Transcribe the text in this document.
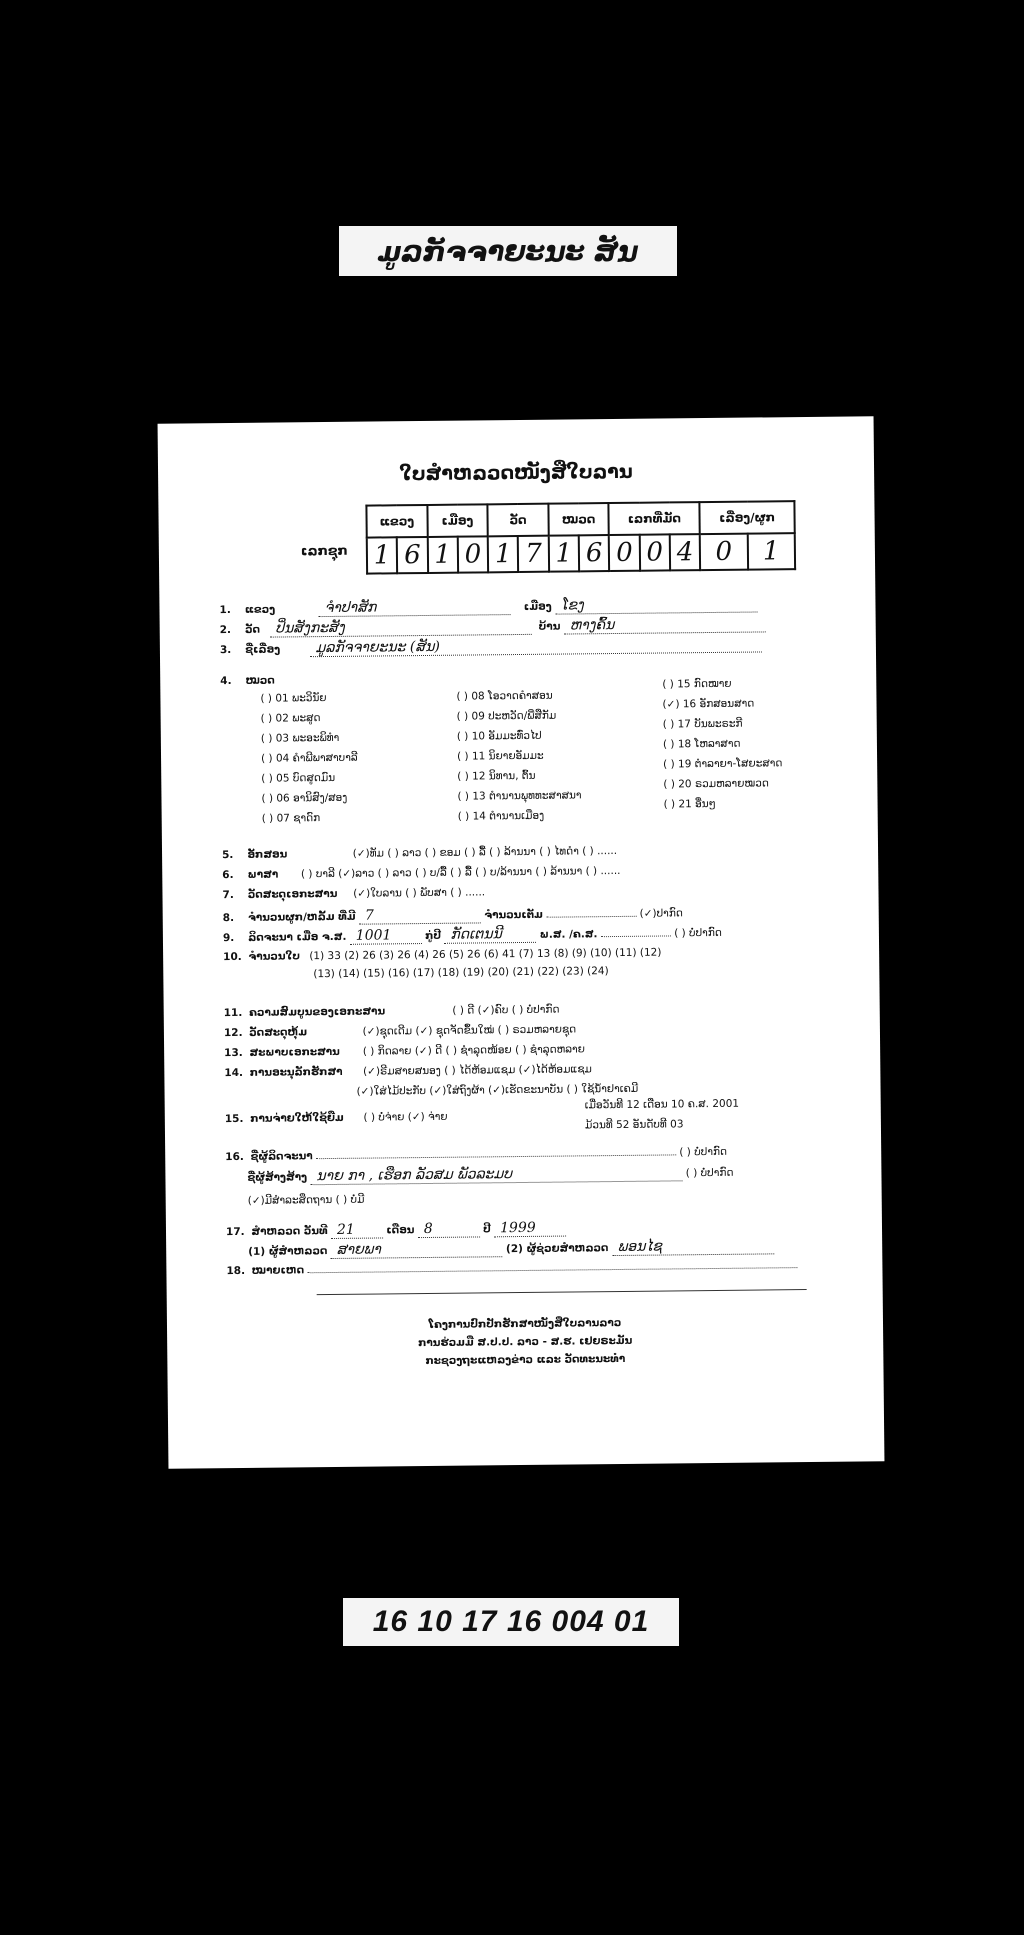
ມູລກັຈຈາຍະນະ ສັນ
ໃບສໍາຫລວດໜັງສືໃບລານ
ເລກຊຸກ
ແຂວງ		ເມືອງ		ວັດ		ໝວດ		ເລກທີ່ມັດ			ເລື່ອງ/ຜູກ	
1	6	1	0	1	7	1	6	0	0	4	0	1
1. ແຂວງ	ຈໍາປາສັກ	ເມືອງ ໂຂງ
2. ວັດ ປິ່ນສັງກະສັງ	ບ້ານ ຫາງຄົ້ນ
3. ຊື່ເລື່ອງ	ມູລກັຈຈາຍະນະ (ສັນ)
4. ໝວດ
( ) 01 ພະວິນັຍ
( ) 02 ພະສູດ
( ) 03 ພະອະພິທໍາ
( ) 04 ຄໍາພີພາສາບາລີ
( ) 05 ບົດສູດມົນ
( ) 06 ອານິສົງ/ສອງ
( ) 07 ຊາດົກ
( ) 08 ໂອວາດຄໍາສອນ
( ) 09 ປະຫວັດ/ພີ່ສືກັມ
( ) 10 ອັມມະທົ່ວໄປ
( ) 11 ນິຍາຍອັມມະ
( ) 12 ນິທານ, ຕົ້ນ
( ) 13 ຕໍານານພຸທທະສາສນາ
( ) 14 ຕໍານານເມືອງ
( ) 15 ກົດໝາຍ
(✓) 16 ອັກສອນສາດ
( ) 17 ບັນພະຣະກີ
( ) 18 ໂຫລາສາດ
( ) 19 ຕໍາລາຍາ-ໂສຍະສາດ
( ) 20 ຣວມຫລາຍໝວດ
( ) 21 ອື່ນໆ
5. ອັກສອນ	(✓)ທັມ ( ) ລາວ ( ) ຂອມ ( ) ລື້ ( ) ລ້ານນາ ( ) ໄທດໍາ ( ) ......
6. ພາສາ ( ) ບາລີ (✓)ລາວ ( ) ລາວ ( ) ບ/ລື້ ( ) ລື້ ( ) ບ/ລ້ານນາ ( ) ລ້ານນາ ( ) ......
7. ວັດສະດຸເອກະສານ (✓)ໃບລານ ( ) ພັບສາ ( ) ......
8. ຈໍານວນຜູກ/ຫລັ້ມ ທີ່ມີ 7	ຈໍານວນເຕັມ	(✓)ປາກົດ
9. ລິດຈະນາ ເມື່ອ ຈ.ສ. 1001	ກູ່ປີ ກັດເຕນນີ	ພ.ສ. /ຄ.ສ.	( ) ບໍ່ປາກົດ
10. ຈໍານວນໃບ (1) 33 (2) 26 (3) 26 (4) 26 (5) 26 (6) 41 (7) 13 (8) (9) (10) (11) (12)
(13) (14) (15) (16) (17) (18) (19) (20) (21) (22) (23) (24)
11. ຄວາມສົມບູນຂອງເອກະສານ	( ) ດີ (✓)ຄົບ ( ) ບໍ່ປາກົດ
12. ວັດສະດຸຫຸ້ມ	(✓)ຊຸດເດີມ (✓) ຊຸດຈັດຂຶ້ນໃໝ່ ( ) ຣວມຫລາຍຊຸດ
13. ສະພາບເອກະສານ ( ) ກິດລາຍ (✓) ດີ ( ) ຊໍາລຸດໜ້ອຍ ( ) ຊໍາລຸດຫລາຍ
14. ການອະນຸລັກຮັກສາ (✓)ຣີມສາຍສນອງ ( ) ໄດ້ຫ້ອມແຊມ (✓)ໄດ້ຫ້ອມແຊມ
(✓)ໃສ່ໄມ້ປະກັບ (✓)ໃສ່ຖົງຜ້າ (✓)ເຮັດຂະນາບັນ ( ) ໃຊ້ນໍ້າຢາເຄມີ
ເມື່ອວັນທີ 12 ເດືອນ 10 ຄ.ສ. 2001
15. ການຈ່າຍໃຫ້ໃຊ້ຍືມ ( ) ບໍ່ຈ່າຍ (✓) ຈ່າຍ
ມ້ວນທີ 52 ອັນດັບທີ 03
16. ຊື່ຜູ້ລິດຈະນາ	( ) ບໍ່ປາກົດ
ຊື່ຜູ້ສ້າງສ້າງ ນາຍ ກາ , ເຮືອກ ລັວສມ ພັວລະມບ	( ) ບໍ່ປາກົດ
(✓)ມີສໍາລະສຶດຖານ ( ) ບໍ່ມີ
17. ສໍາຫລວດ ວັນທີ 21	ເດືອນ 8	ປີ 1999
(1) ຜູ້ສໍາຫລວດ ສາຍພາ	(2) ຜູ້ຊ່ວຍສໍາຫລວດ ພອນໄຊ
18. ໝາຍເຫດ
ໂຄງການປົກປັກຮັກສາໜັງສືໃບລານລາວ
ການຮ່ວມມື ສ.ປ.ປ. ລາວ - ສ.ຮ. ເຢຍຣະມັນ
ກະຊວງຖະແຫລງຂ່າວ ແລະ ວັດທະນະທໍາ
16 10 17 16 004 01
